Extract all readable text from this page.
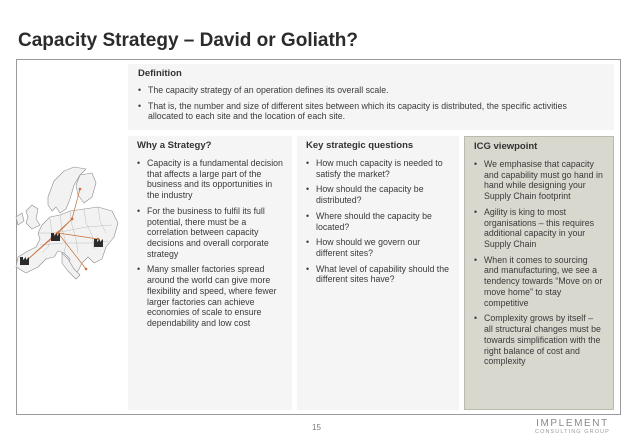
Capacity Strategy – David or Goliath?
Definition
• The capacity strategy of an operation defines its overall scale.
• That is, the number and size of different sites between which its capacity is distributed, the specific activities allocated to each site and the location of each site.
Why a Strategy?
• Capacity is a fundamental decision that affects a large part of the business and its opportunities in the industry
• For the business to fulfil its full potential, there must be a correlation between capacity decisions and overall corporate strategy
• Many smaller factories spread around the world can give more flexibility and speed, where fewer larger factories can achieve economies of scale to ensure dependability and low cost
Key strategic questions
• How much capacity is needed to satisfy the market?
• How should the capacity be distributed?
• Where should the capacity be located?
• How should we govern our different sites?
• What level of capability should the different sites have?
ICG viewpoint
• We emphasise that capacity and capability must go hand in hand while designing your Supply Chain footprint
• Agility is king to most organisations – this requires additional capacity in your Supply Chain
• When it comes to sourcing and manufacturing, we see a tendency towards “Move on or move home” to stay competitive
• Complexity grows by itself – all structural changes must be towards simplification with the right balance of cost and complexity
15	IMPLEMENT
CONSULTING GROUP
